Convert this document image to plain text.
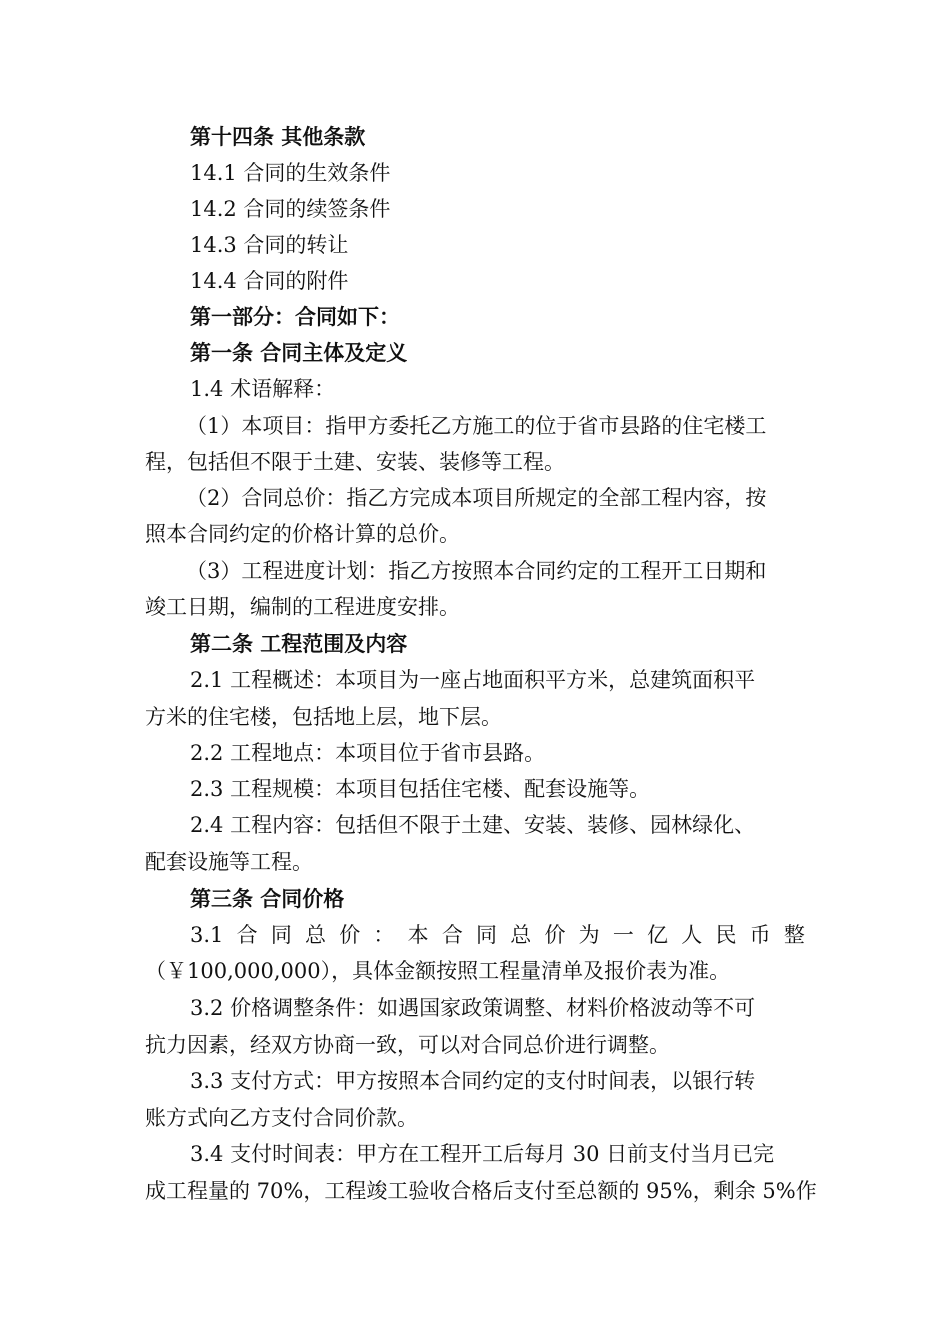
第十四条 其他条款
14.1 合同的生效条件
14.2 合同的续签条件
14.3 合同的转让
14.4 合同的附件
第一部分：合同如下：
第一条 合同主体及定义
1.4 术语解释：
（1）本项目：指甲方委托乙方施工的位于省市县路的住宅楼工
程，包括但不限于土建、安装、装修等工程。
（2）合同总价：指乙方完成本项目所规定的全部工程内容，按
照本合同约定的价格计算的总价。
（3）工程进度计划：指乙方按照本合同约定的工程开工日期和
竣工日期，编制的工程进度安排。
第二条 工程范围及内容
2.1 工程概述：本项目为一座占地面积平方米，总建筑面积平
方米的住宅楼，包括地上层，地下层。
2.2 工程地点：本项目位于省市县路。
2.3 工程规模：本项目包括住宅楼、配套设施等。
2.4 工程内容：包括但不限于土建、安装、装修、园林绿化、
配套设施等工程。
第三条 合同价格
3.1 合 同 总 价 ： 本 合 同 总 价 为 一 亿 人 民 币 整
（￥100,000,000），具体金额按照工程量清单及报价表为准。
3.2 价格调整条件：如遇国家政策调整、材料价格波动等不可
抗力因素，经双方协商一致，可以对合同总价进行调整。
3.3 支付方式：甲方按照本合同约定的支付时间表，以银行转
账方式向乙方支付合同价款。
3.4 支付时间表：甲方在工程开工后每月 30 日前支付当月已完
成工程量的 70%，工程竣工验收合格后支付至总额的 95%，剩余 5%作
